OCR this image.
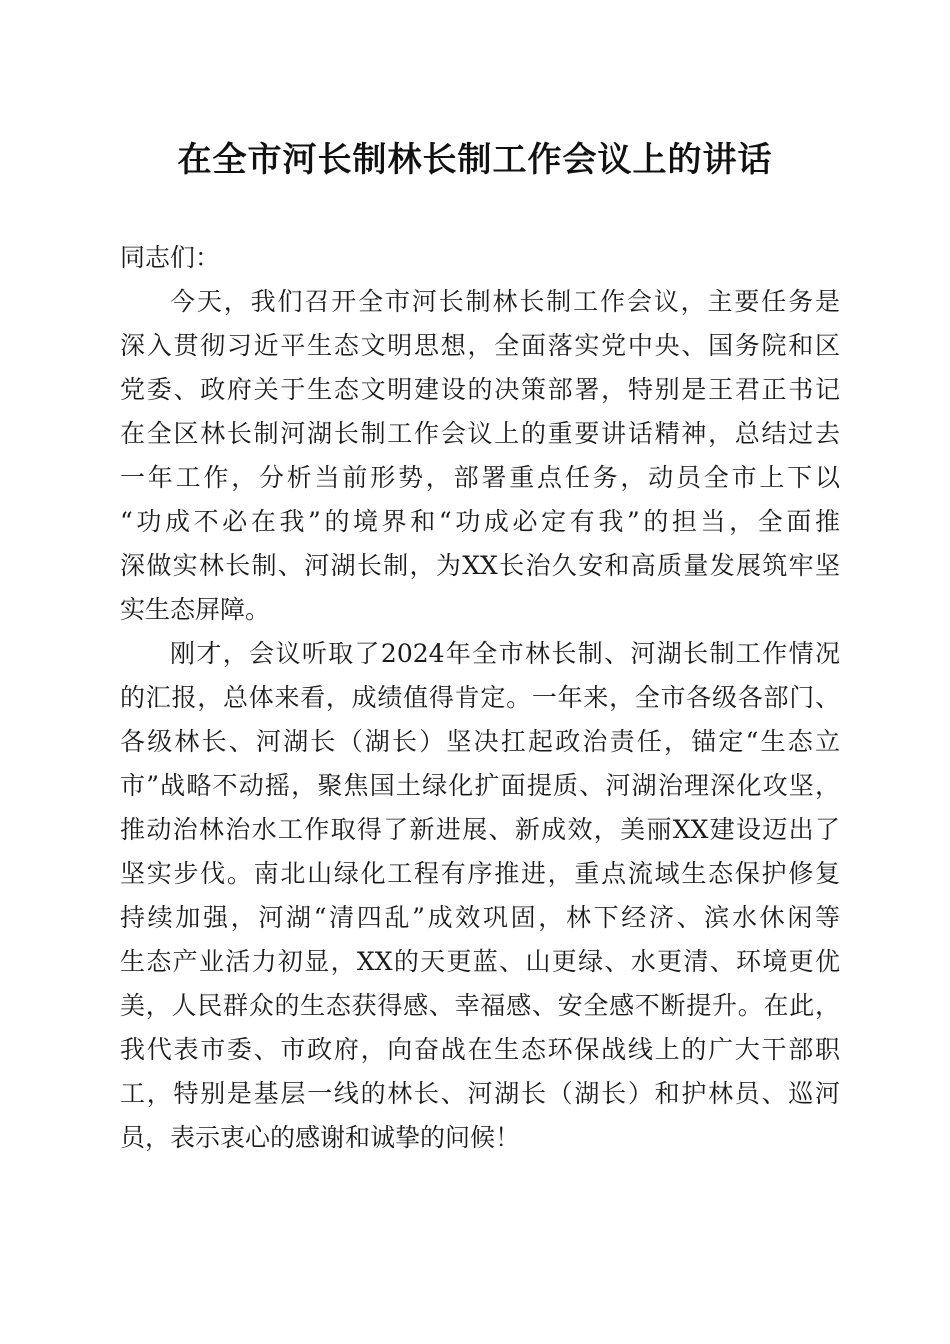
在全市河长制林长制工作会议上的讲话
同志们：
今天，我们召开全市河长制林长制工作会议，主要任务是
深入贯彻习近平生态文明思想，全面落实党中央、国务院和区
党委、政府关于生态文明建设的决策部署，特别是王君正书记
在全区林长制河湖长制工作会议上的重要讲话精神，总结过去
一年工作，分析当前形势，部署重点任务，动员全市上下以
“功成不必在我”的境界和“功成必定有我”的担当，全面推
深做实林长制、河湖长制，为XX长治久安和高质量发展筑牢坚
实生态屏障。
刚才，会议听取了2024年全市林长制、河湖长制工作情况
的汇报，总体来看，成绩值得肯定。一年来，全市各级各部门、
各级林长、河湖长（湖长）坚决扛起政治责任，锚定“生态立
市”战略不动摇，聚焦国土绿化扩面提质、河湖治理深化攻坚，
推动治林治水工作取得了新进展、新成效，美丽XX建设迈出了
坚实步伐。南北山绿化工程有序推进，重点流域生态保护修复
持续加强，河湖“清四乱”成效巩固，林下经济、滨水休闲等
生态产业活力初显，XX的天更蓝、山更绿、水更清、环境更优
美，人民群众的生态获得感、幸福感、安全感不断提升。在此，
我代表市委、市政府，向奋战在生态环保战线上的广大干部职
工，特别是基层一线的林长、河湖长（湖长）和护林员、巡河
员，表示衷心的感谢和诚挚的问候！
